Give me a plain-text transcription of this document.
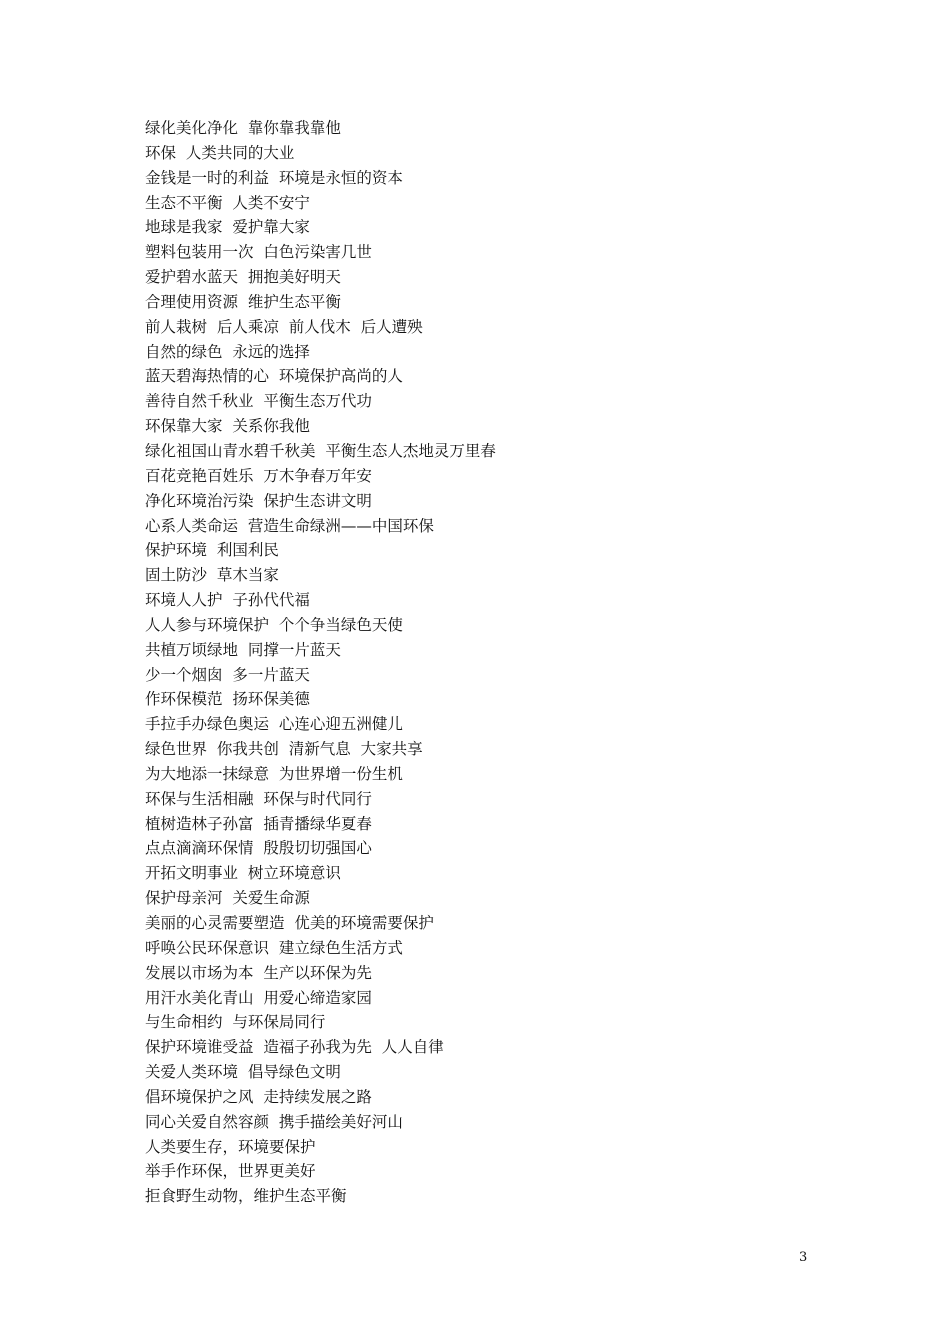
绿化美化净化  靠你靠我靠他
环保  人类共同的大业
金钱是一时的利益  环境是永恒的资本
生态不平衡  人类不安宁
地球是我家  爱护靠大家
塑料包装用一次  白色污染害几世
爱护碧水蓝天  拥抱美好明天
合理使用资源  维护生态平衡
前人栽树  后人乘凉  前人伐木  后人遭殃
自然的绿色  永远的选择
蓝天碧海热情的心  环境保护高尚的人
善待自然千秋业  平衡生态万代功
环保靠大家  关系你我他
绿化祖国山青水碧千秋美  平衡生态人杰地灵万里春
百花竞艳百姓乐  万木争春万年安
净化环境治污染  保护生态讲文明
心系人类命运  营造生命绿洲——中国环保
保护环境  利国利民
固土防沙  草木当家
环境人人护  子孙代代福
人人参与环境保护  个个争当绿色天使
共植万顷绿地  同撑一片蓝天
少一个烟囱  多一片蓝天
作环保模范  扬环保美德
手拉手办绿色奥运  心连心迎五洲健儿
绿色世界  你我共创  清新气息  大家共享
为大地添一抹绿意  为世界增一份生机
环保与生活相融  环保与时代同行
植树造林子孙富  插青播绿华夏春
点点滴滴环保情  殷殷切切强国心
开拓文明事业  树立环境意识
保护母亲河  关爱生命源
美丽的心灵需要塑造  优美的环境需要保护
呼唤公民环保意识  建立绿色生活方式
发展以市场为本  生产以环保为先
用汗水美化青山  用爱心缔造家园
与生命相约  与环保局同行
保护环境谁受益  造福子孙我为先  人人自律
关爱人类环境  倡导绿色文明
倡环境保护之风  走持续发展之路
同心关爱自然容颜  携手描绘美好河山
人类要生存，环境要保护
举手作环保，世界更美好
拒食野生动物，维护生态平衡
3
